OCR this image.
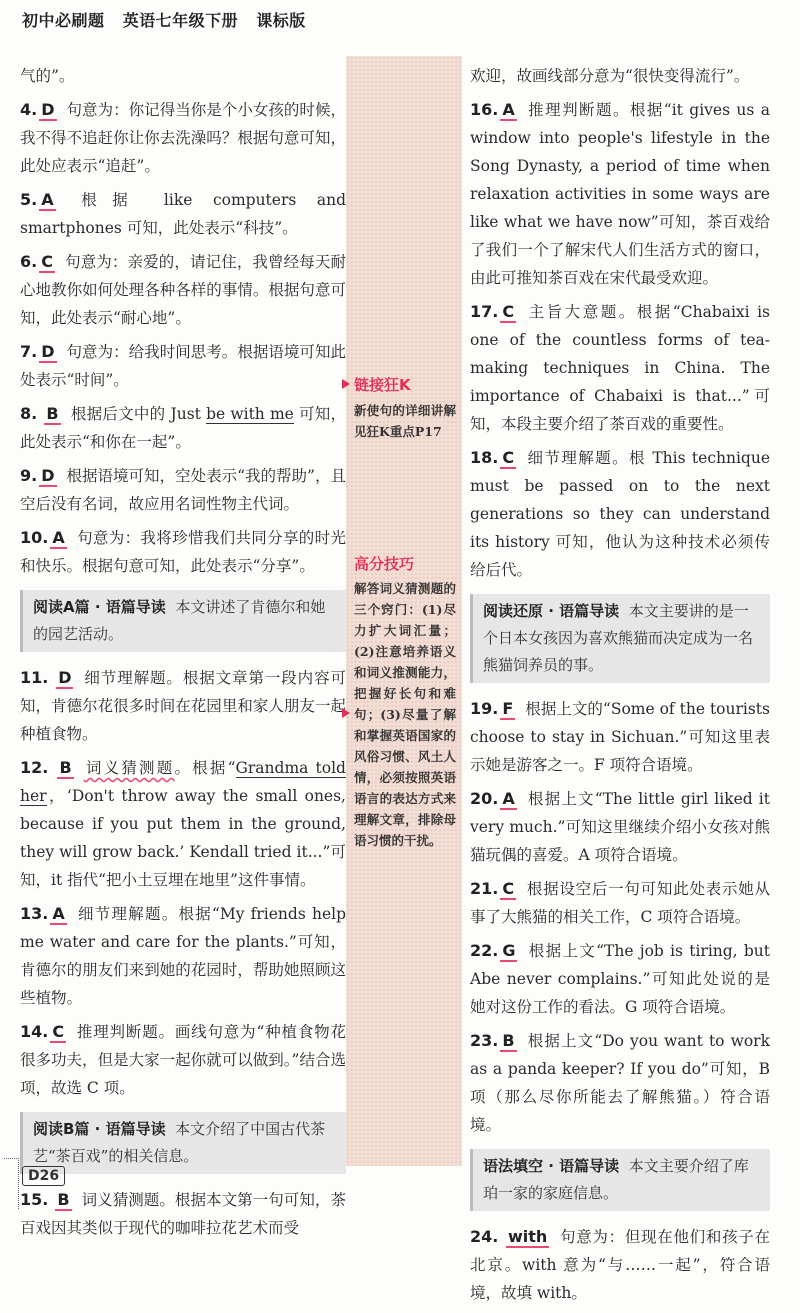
初中必刷题 英语七年级下册 课标版

气的”。

4. D 句意为：你记得当你是个小女孩的时候，我不得不追赶你让你去洗澡吗？根据句意可知，此处应表示“追赶”。

5. A 根据 like computers and smartphones 可知，此处表示“科技”。

6. C 句意为：亲爱的，请记住，我曾经每天耐心地教你如何处理各种各样的事情。根据句意可知，此处表示“耐心地”。

7. D 句意为：给我时间思考。根据语境可知此处表示“时间”。

8. B 根据后文中的 Just be with me 可知，此处表示“和你在一起”。

9. D 根据语境可知，空处表示“我的帮助”，且空后没有名词，故应用名词性物主代词。

10. A 句意为：我将珍惜我们共同分享的时光和快乐。根据句意可知，此处表示“分享”。

阅读A篇 · 语篇导读 本文讲述了肯德尔和她的园艺活动。

11. D 细节理解题。根据文章第一段内容可知，肯德尔花很多时间在花园里和家人朋友一起种植食物。

12. B 词义猜测题。根据“Grandma told her，‘Don't throw away the small ones, because if you put them in the ground, they will grow back.’ Kendall tried it...”可知，it 指代“把小土豆埋在地里”这件事情。

13. A 细节理解题。根据“My friends help me water and care for the plants.”可知，肯德尔的朋友们来到她的花园时，帮助她照顾这些植物。

14. C 推理判断题。画线句意为“种植食物花很多功夫，但是大家一起你就可以做到。”结合选项，故选 C 项。

阅读B篇 · 语篇导读 本文介绍了中国古代茶艺“茶百戏”的相关信息。

15. B 词义猜测题。根据本文第一句可知，茶百戏因其类似于现代的咖啡拉花艺术而受

链接狂K
新使句的详细讲解见狂K重点P17
高分技巧
解答词义猜测题的三个窍门：(1)尽力扩大词汇量；(2)注意培养语义和词义推测能力，把握好长句和难句；(3)尽量了解和掌握英语国家的风俗习惯、风土人情，必须按照英语语言的表达方式来理解文章，排除母语习惯的干扰。

欢迎，故画线部分意为“很快变得流行”。

16. A 推理判断题。根据“it gives us a window into people's lifestyle in the Song Dynasty, a period of time when relaxation activities in some ways are like what we have now”可知，茶百戏给了我们一个了解宋代人们生活方式的窗口，由此可推知茶百戏在宋代最受欢迎。

17. C 主旨大意题。根据“Chabaixi is one of the countless forms of tea-making techniques in China. The importance of Chabaixi is that...”可知，本段主要介绍了茶百戏的重要性。

18. C 细节理解题。根 This technique must be passed on to the next generations so they can understand its history 可知，他认为这种技术必须传给后代。

阅读还原 · 语篇导读 本文主要讲的是一个日本女孩因为喜欢熊猫而决定成为一名熊猫饲养员的事。

19. F 根据上文的“Some of the tourists choose to stay in Sichuan.”可知这里表示她是游客之一。F 项符合语境。

20. A 根据上文“The little girl liked it very much.”可知这里继续介绍小女孩对熊猫玩偶的喜爱。A 项符合语境。

21. C 根据设空后一句可知此处表示她从事了大熊猫的相关工作，C 项符合语境。

22. G 根据上文“The job is tiring, but Abe never complains.”可知此处说的是她对这份工作的看法。G 项符合语境。

23. B 根据上文“Do you want to work as a panda keeper? If you do”可知，B 项（那么尽你所能去了解熊猫。）符合语境。

语法填空 · 语篇导读 本文主要介绍了库珀一家的家庭信息。

24. with 句意为：但现在他们和孩子在北京。with 意为“与……一起”，符合语境，故填 with。

D26
